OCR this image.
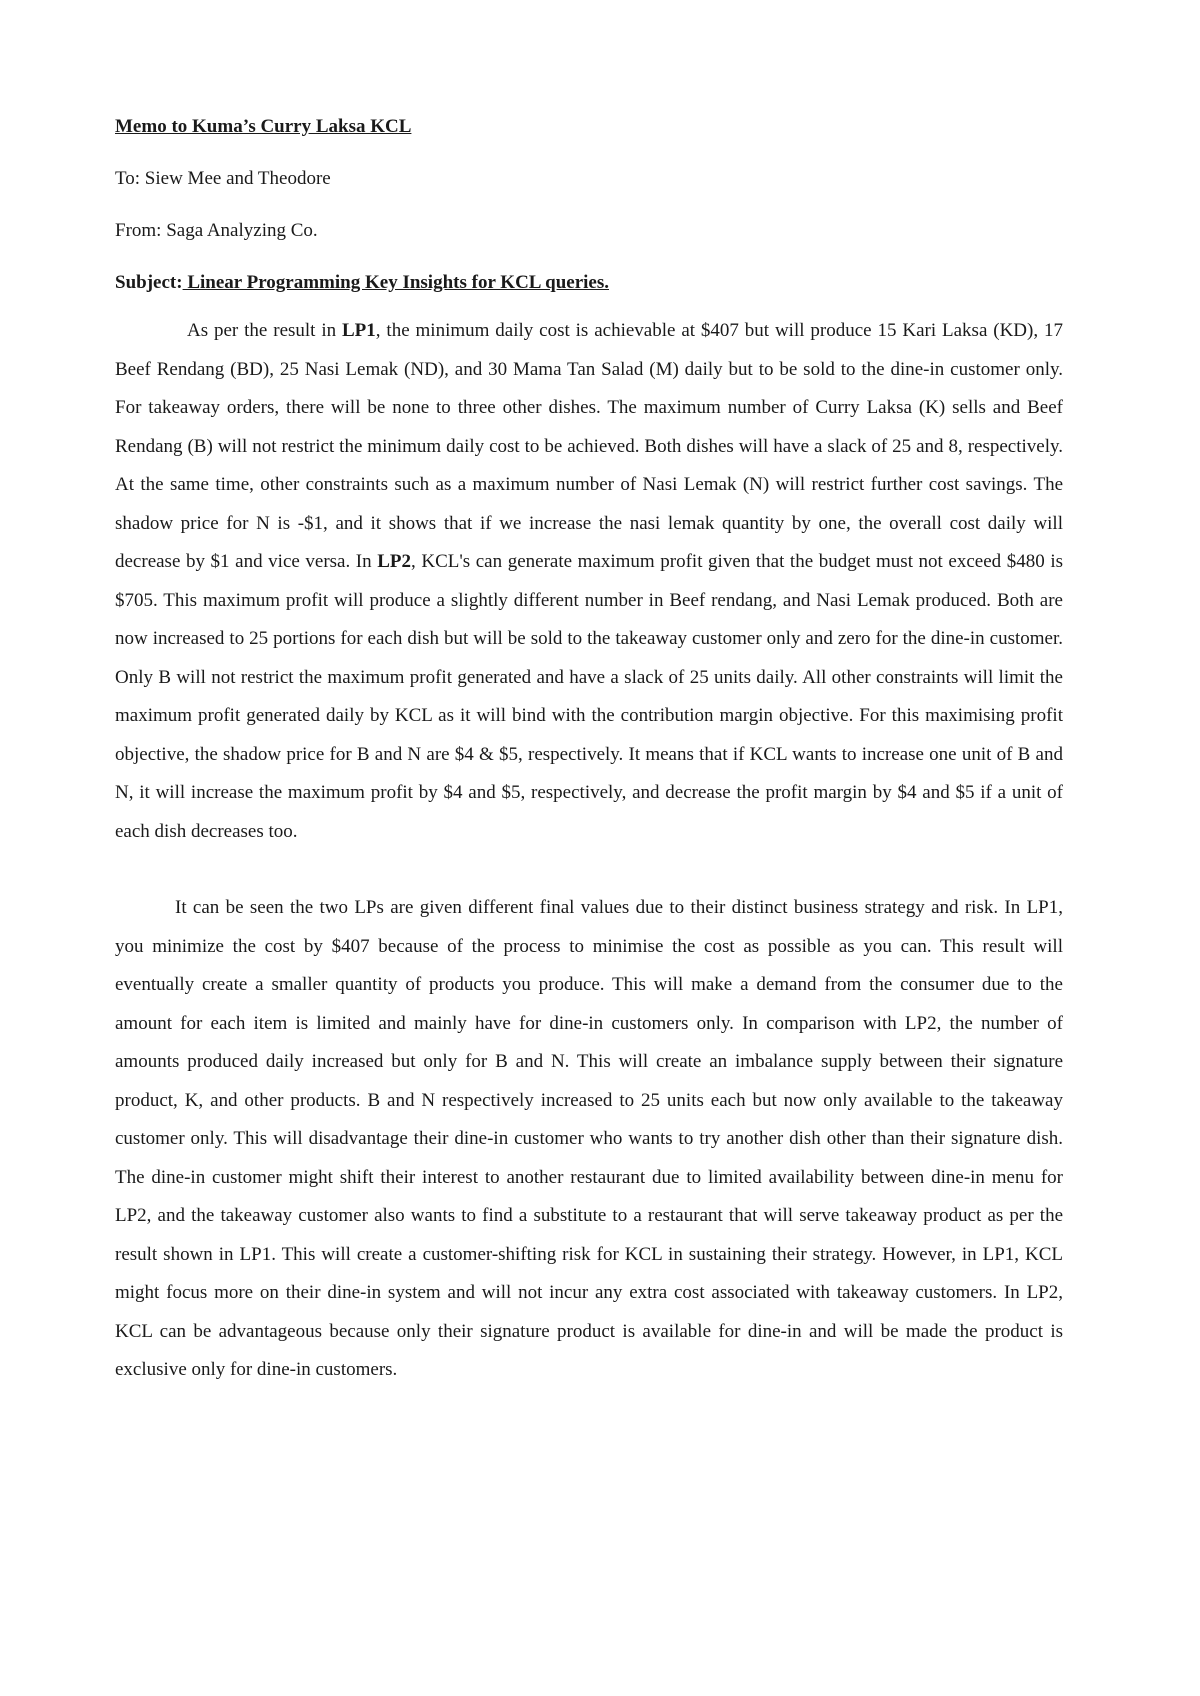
Memo to Kuma’s Curry Laksa KCL

To: Siew Mee and Theodore

From: Saga Analyzing Co.

Subject: Linear Programming Key Insights for KCL queries.

As per the result in LP1, the minimum daily cost is achievable at $407 but will produce 15 Kari Laksa (KD), 17 Beef Rendang (BD), 25 Nasi Lemak (ND), and 30 Mama Tan Salad (M) daily but to be sold to the dine-in customer only. For takeaway orders, there will be none to three other dishes. The maximum number of Curry Laksa (K) sells and Beef Rendang (B) will not restrict the minimum daily cost to be achieved. Both dishes will have a slack of 25 and 8, respectively. At the same time, other constraints such as a maximum number of Nasi Lemak (N) will restrict further cost savings. The shadow price for N is -$1, and it shows that if we increase the nasi lemak quantity by one, the overall cost daily will decrease by $1 and vice versa. In LP2, KCL's can generate maximum profit given that the budget must not exceed $480 is $705. This maximum profit will produce a slightly different number in Beef rendang, and Nasi Lemak produced. Both are now increased to 25 portions for each dish but will be sold to the takeaway customer only and zero for the dine-in customer. Only B will not restrict the maximum profit generated and have a slack of 25 units daily. All other constraints will limit the maximum profit generated daily by KCL as it will bind with the contribution margin objective. For this maximising profit objective, the shadow price for B and N are $4 & $5, respectively. It means that if KCL wants to increase one unit of B and N, it will increase the maximum profit by $4 and $5, respectively, and decrease the profit margin by $4 and $5 if a unit of each dish decreases too.

It can be seen the two LPs are given different final values due to their distinct business strategy and risk. In LP1, you minimize the cost by $407 because of the process to minimise the cost as possible as you can. This result will eventually create a smaller quantity of products you produce. This will make a demand from the consumer due to the amount for each item is limited and mainly have for dine-in customers only. In comparison with LP2, the number of amounts produced daily increased but only for B and N. This will create an imbalance supply between their signature product, K, and other products. B and N respectively increased to 25 units each but now only available to the takeaway customer only. This will disadvantage their dine-in customer who wants to try another dish other than their signature dish. The dine-in customer might shift their interest to another restaurant due to limited availability between dine-in menu for LP2, and the takeaway customer also wants to find a substitute to a restaurant that will serve takeaway product as per the result shown in LP1. This will create a customer-shifting risk for KCL in sustaining their strategy. However, in LP1, KCL might focus more on their dine-in system and will not incur any extra cost associated with takeaway customers. In LP2, KCL can be advantageous because only their signature product is available for dine-in and will be made the product is exclusive only for dine-in customers.
